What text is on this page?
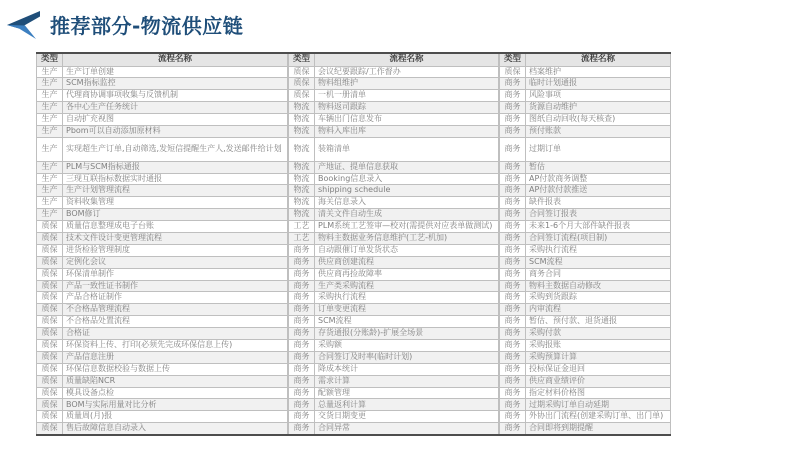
推荐部分-物流供应链
类型	流程名称
生产	生产订单创建
生产	SCM指标监控
生产	代理商协调事项收集与反馈机制
生产	各中心生产任务统计
生产	自动扩充视图
生产	Pbom可以自动添加原材料
生产	实现超生产订单,自动筛选,发短信提醒生产人,发送邮件给计划
生产	PLM与SCM指标通报
生产	三现互联指标数据实时通报
生产	生产计划管理流程
生产	资料收集管理
生产	BOM修订
质保	质量信息整理成电子台账
质保	技术文件设计变更管理流程
质保	进货检验管理制度
质保	定例化会议
质保	环保清单制作
质保	产品一致性证书制作
质保	产品合格证制作
质保	不合格品管理流程
质保	不合格品处置流程
质保	合格证
质保	环保资料上传、打印(必须先完成环保信息上传)
质保	产品信息注册
质保	环保信息数据校验与数据上传
质保	质量缺陷NCR
质保	模具设备点检
质保	BOM与实际用量对比分析
质保	质量周(月)报
质保	售后故障信息自动录入
类型	流程名称
质保	会议纪要跟踪/工作督办
质保	物料组维护
质保	一机一册清单
物流	物料返司跟踪
物流	车辆出门信息发布
物流	物料入库出库
物流	装箱清单
物流	产地证、提单信息获取
物流	Booking信息录入
物流	shipping schedule
物流	海关信息录入
物流	清关文件自动生成
工艺	PLM系统工艺签审—校对(需提供对应表单做测试)
工艺	物料主数据业务信息维护(工艺-机加)
商务	自动跟催订单发货状态
商务	供应商创建流程
商务	供应商再捡故障率
商务	生产类采购流程
商务	采购执行流程
商务	订单变更流程
商务	SCM流程
商务	存货通报(分账龄)-扩展全场景
商务	采购额
商务	合同签订及时率(临时计划)
商务	降成本统计
商务	需求计算
商务	配额管理
商务	总量返利计算
商务	交货日期变更
商务	合同异常
类型	流程名称
质保	档案维护
商务	临时计划通报
商务	风险事项
商务	货源自动维护
商务	图纸自动回收(每天核查)
商务	预付账款
商务	过期订单
商务	暂估
商务	AP付款商务调整
商务	AP付款付款推送
商务	缺件报表
商务	合同签订报表
商务	未来1-6个月大部件缺件报表
商务	合同签订流程(项目制)
商务	采购执行流程
商务	SCM流程
商务	商务合同
商务	物料主数据自动修改
商务	采购到货跟踪
商务	内审流程
商务	暂估、预付款、退货通报
商务	采购付款
商务	采购报账
商务	采购预算计算
商务	投标保证金退回
商务	供应商业绩评价
商务	指定材料价格图
商务	过期采购订单自动延期
商务	外协出门流程(创建采购订单、出门单)
商务	合同即将到期提醒
